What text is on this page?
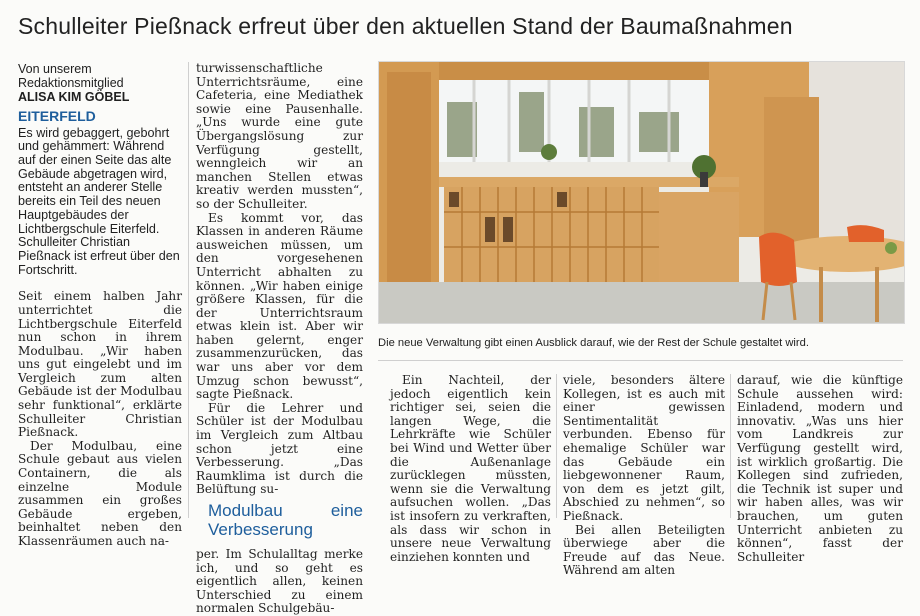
Schulleiter Pießnack erfreut über den aktuellen Stand der Baumaßnahmen
Von unserem
Redaktionsmitglied
ALISA KIM GÖBEL
EITERFELD
Es wird gebaggert, gebohrt und gehämmert: Während auf der einen Seite das alte Gebäude abgetragen wird, entsteht an anderer Stelle bereits ein Teil des neuen Hauptgebäudes der Lichtbergschule Eiterfeld. Schulleiter Christian Pießnack ist erfreut über den Fortschritt.

Seit einem halben Jahr unterrichtet die Lichtbergschule Eiterfeld nun schon in ihrem Modulbau. „Wir haben uns gut eingelebt und im Vergleich zum alten Gebäude ist der Modulbau sehr funktional“, erklärte Schulleiter Christian Pießnack.

Der Modulbau, eine Schule gebaut aus vielen Containern, die als einzelne Module zusammen ein großes Gebäude ergeben, beinhaltet neben den Klassenräumen auch na-

turwissenschaftliche Unterrichtsräume, eine Cafeteria, eine Mediathek sowie eine Pausenhalle. „Uns wurde eine gute Übergangslösung zur Verfügung gestellt, wenngleich wir an manchen Stellen etwas kreativ werden mussten“, so der Schulleiter.

Es kommt vor, das Klassen in anderen Räume ausweichen müssen, um den vorgesehenen Unterricht abhalten zu können. „Wir haben einige größere Klassen, für die der Unterrichtsraum etwas klein ist. Aber wir haben gelernt, enger zusammenzurücken, das war uns aber vor dem Umzug schon bewusst“, sagte Pießnack.

Für die Lehrer und Schüler ist der Modulbau im Vergleich zum Altbau schon jetzt eine Verbesserung. „Das Raumklima ist durch die Belüftung su-

Modulbau eine Verbesserung

per. Im Schulalltag merke ich, und so geht es eigentlich allen, keinen Unterschied zu einem normalen Schulgebäu-

Die neue Verwaltung gibt einen Ausblick darauf, wie der Rest der Schule gestaltet wird.

Ein Nachteil, der jedoch eigentlich kein richtiger sei, seien die langen Wege, die Lehrkräfte wie Schüler bei Wind und Wetter über die Außenanlage zurücklegen müssten, wenn sie die Verwaltung aufsuchen wollen. „Das ist insofern zu verkraften, als dass wir schon in unsere neue Verwaltung einziehen konnten und

viele, besonders ältere Kollegen, ist es auch mit einer gewissen Sentimentalität verbunden. Ebenso für ehemalige Schüler war das Gebäude ein liebgewonnener Raum, von dem es jetzt gilt, Abschied zu nehmen“, so Pießnack.

Bei allen Beteiligten überwiege aber die Freude auf das Neue. Während am alten

darauf, wie die künftige Schule aussehen wird: Einladend, modern und innovativ. „Was uns hier vom Landkreis zur Verfügung gestellt wird, ist wirklich großartig. Die Kollegen sind zufrieden, die Technik ist super und wir haben alles, was wir brauchen, um guten Unterricht anbieten zu können“, fasst der Schulleiter
